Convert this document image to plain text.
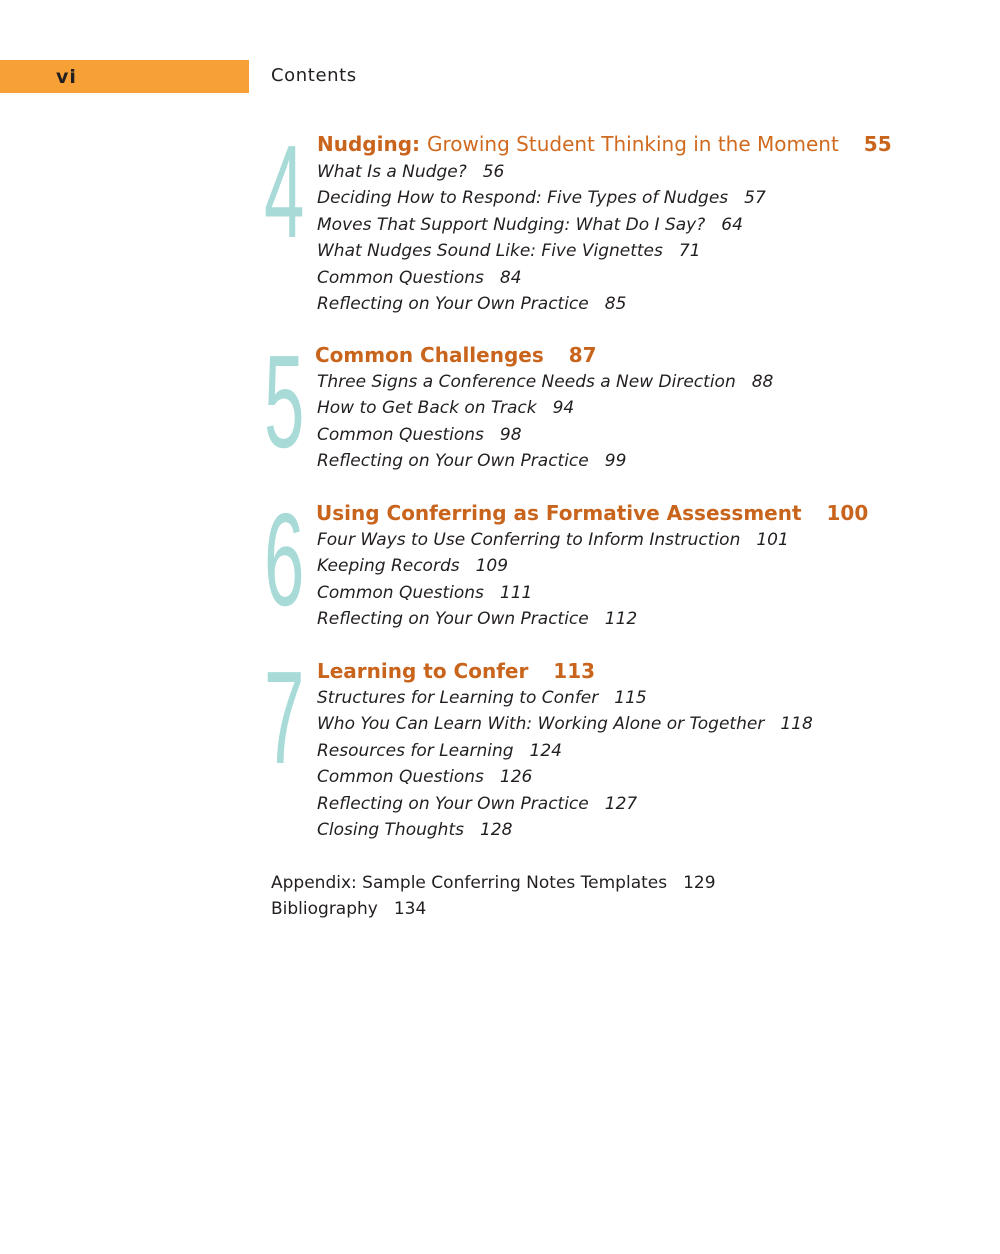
vi	Contents
4 Nudging: Growing Student Thinking in the Moment 55
What Is a Nudge? 56
Deciding How to Respond: Five Types of Nudges 57
Moves That Support Nudging: What Do I Say? 64
What Nudges Sound Like: Five Vignettes 71
Common Questions 84
Reflecting on Your Own Practice 85
5 Common Challenges 87
Three Signs a Conference Needs a New Direction 88
How to Get Back on Track 94
Common Questions 98
Reflecting on Your Own Practice 99
6 Using Conferring as Formative Assessment 100
Four Ways to Use Conferring to Inform Instruction 101
Keeping Records 109
Common Questions 111
Reflecting on Your Own Practice 112
7 Learning to Confer 113
Structures for Learning to Confer 115
Who You Can Learn With: Working Alone or Together 118
Resources for Learning 124
Common Questions 126
Reflecting on Your Own Practice 127
Closing Thoughts 128
Appendix: Sample Conferring Notes Templates 129
Bibliography 134
